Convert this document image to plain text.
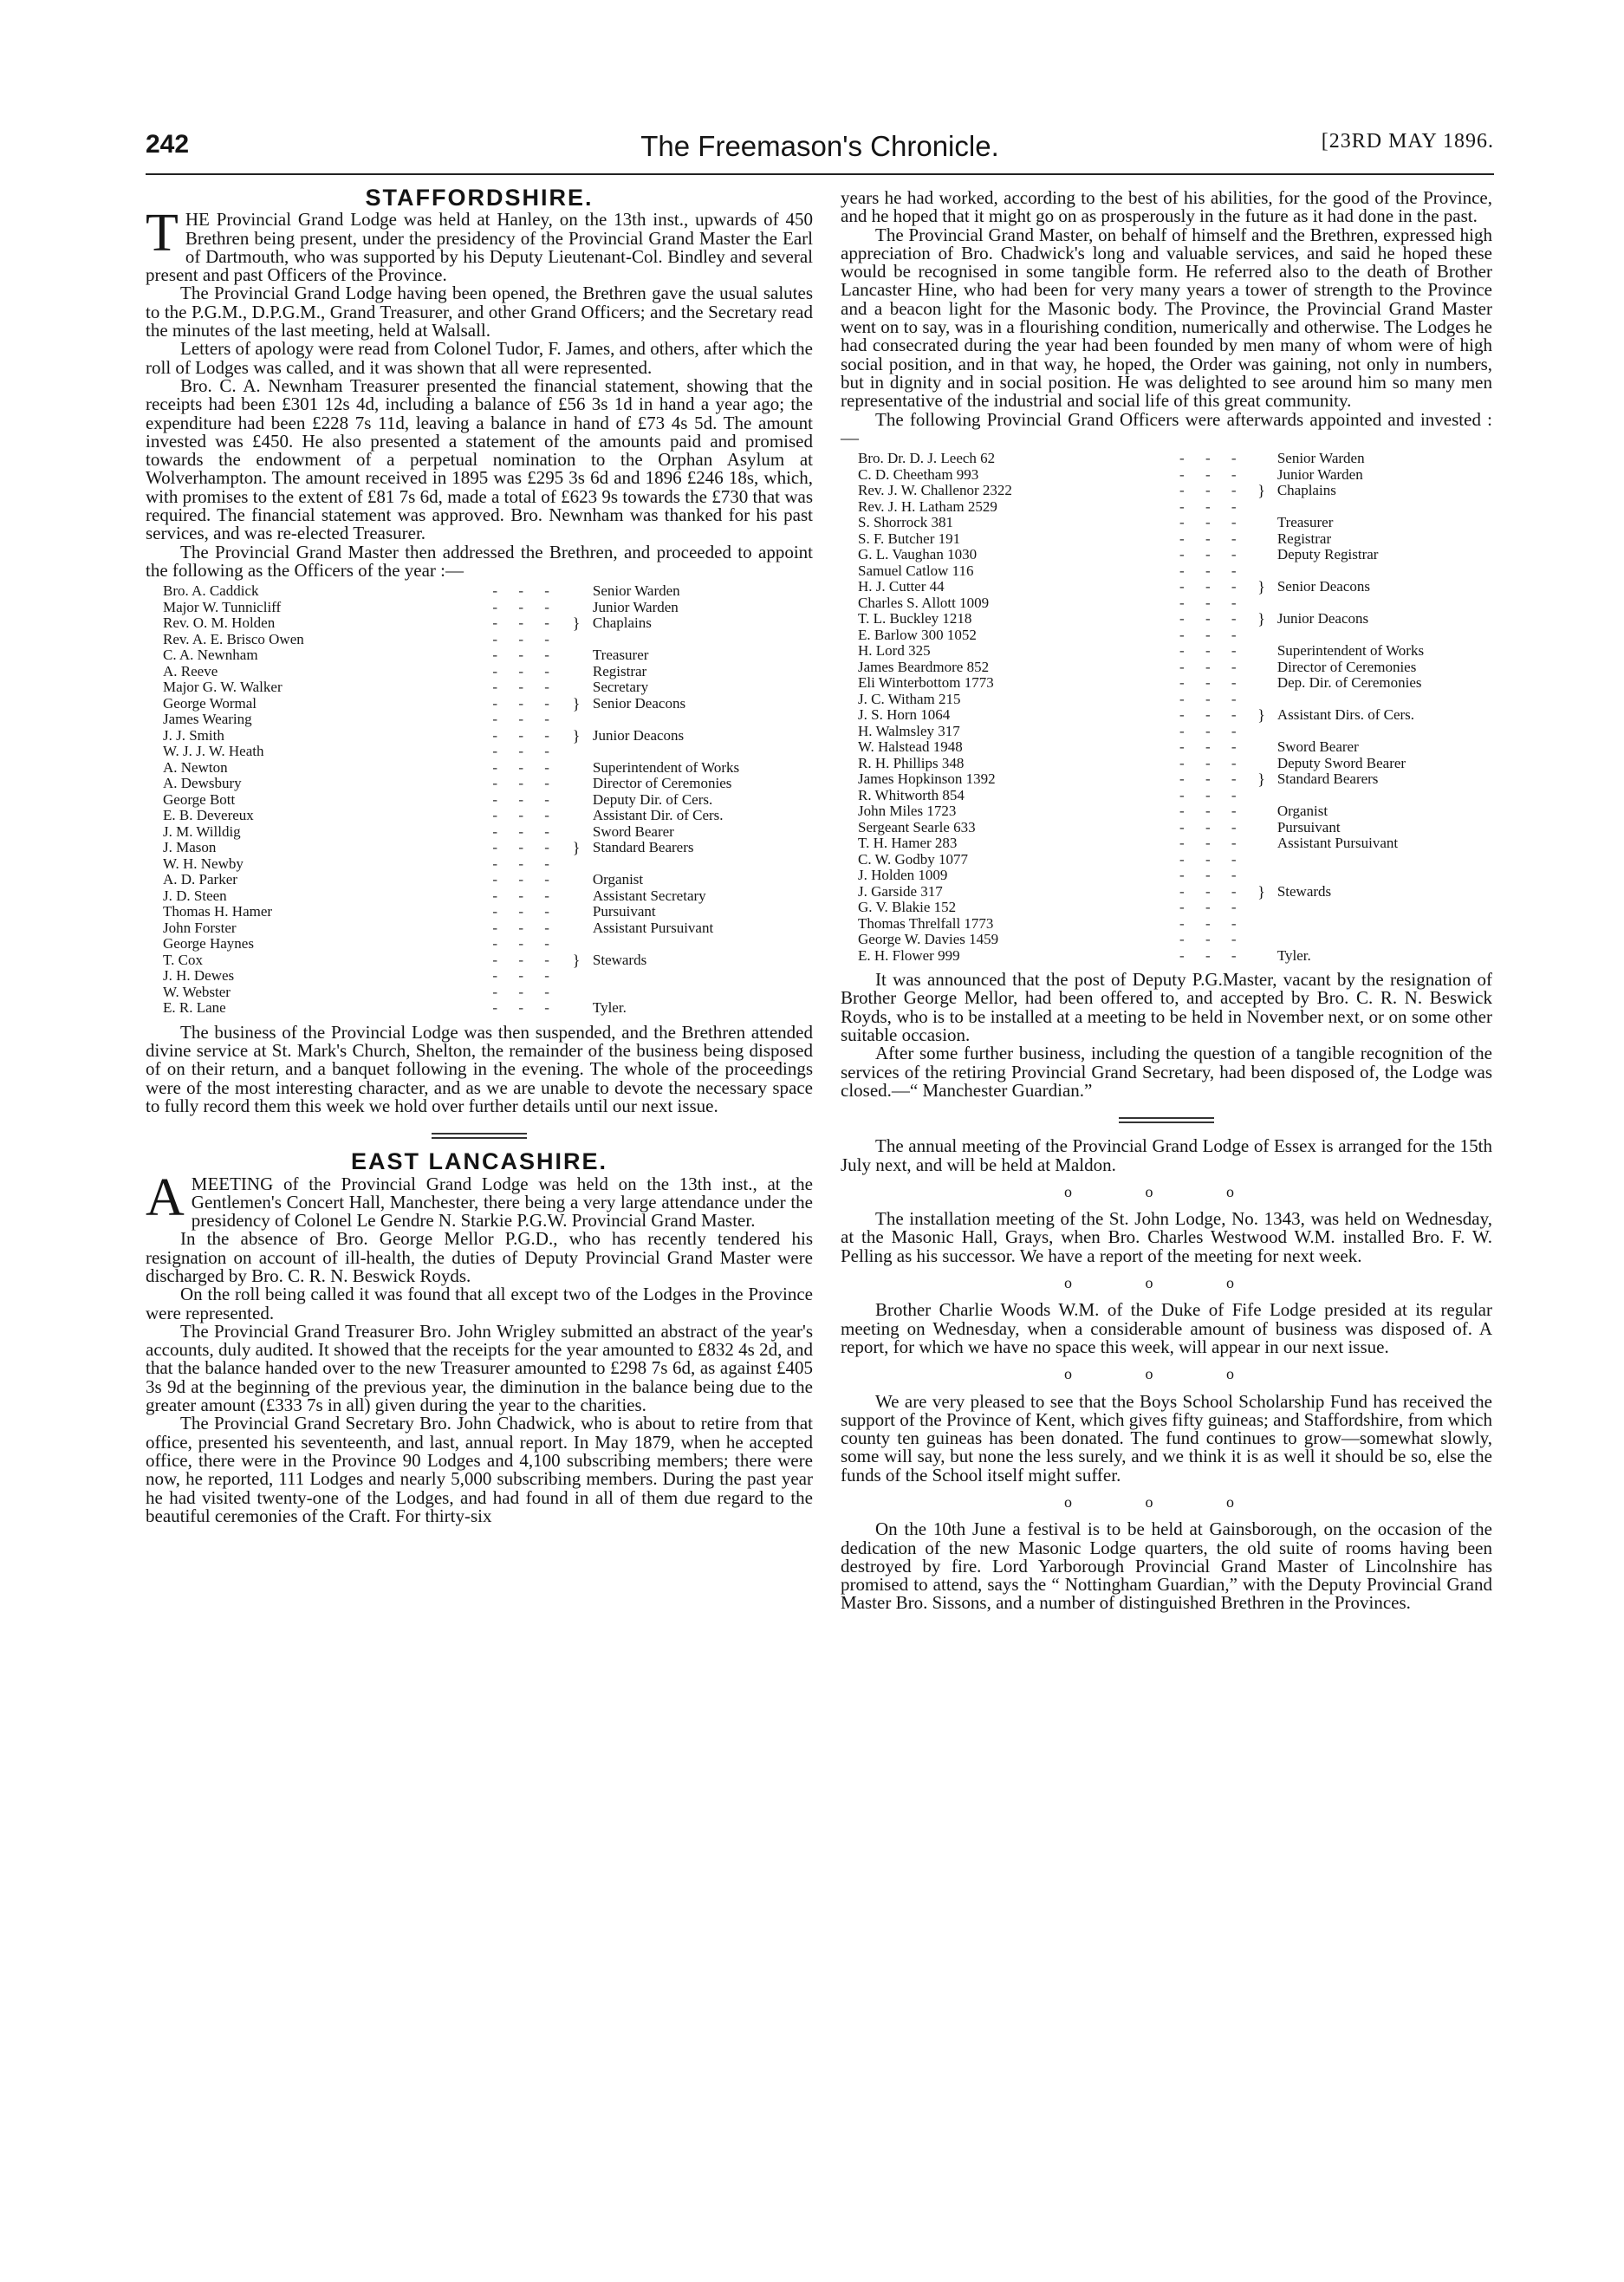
242	The Freemason's Chronicle.	[23RD MAY 1896.
STAFFORDSHIRE.

THE Provincial Grand Lodge was held at Hanley, on the 13th inst., upwards of 450 Brethren being present, under the presidency of the Provincial Grand Master the Earl of Dartmouth, who was supported by his Deputy Lieutenant-Col. Bindley and several present and past Officers of the Province.

The Provincial Grand Lodge having been opened, the Brethren gave the usual salutes to the P.G.M., D.P.G.M., Grand Treasurer, and other Grand Officers; and the Secretary read the minutes of the last meeting, held at Walsall.

Letters of apology were read from Colonel Tudor, F. James, and others, after which the roll of Lodges was called, and it was shown that all were represented.

Bro. C. A. Newnham Treasurer presented the financial statement, showing that the receipts had been £301 12s 4d, including a balance of £56 3s 1d in hand a year ago; the expenditure had been £228 7s 11d, leaving a balance in hand of £73 4s 5d. The amount invested was £450. He also presented a statement of the amounts paid and promised towards the endowment of a perpetual nomination to the Orphan Asylum at Wolverhampton. The amount received in 1895 was £295 3s 6d and 1896 £246 18s, which, with promises to the extent of £81 7s 6d, made a total of £623 9s towards the £730 that was required. The financial statement was approved. Bro. Newnham was thanked for his past services, and was re-elected Treasurer.

The Provincial Grand Master then addressed the Brethren, and proceeded to appoint the following as the Officers of the year :—

Bro. A. Caddick	- - -		Senior Warden
Major W. Tunnicliff	- - -		Junior Warden
Rev. O. M. Holden	- - -	}	Chaplains
Rev. A. E. Brisco Owen	- - -		
C. A. Newnham	- - -		Treasurer
A. Reeve	- - -		Registrar
Major G. W. Walker	- - -		Secretary
George Wormal	- - -	}	Senior Deacons
James Wearing	- - -		
J. J. Smith	- - -	}	Junior Deacons
W. J. J. W. Heath	- - -		
A. Newton	- - -		Superintendent of Works
A. Dewsbury	- - -		Director of Ceremonies
George Bott	- - -		Deputy Dir. of Cers.
E. B. Devereux	- - -		Assistant Dir. of Cers.
J. M. Willdig	- - -		Sword Bearer
J. Mason	- - -	}	Standard Bearers
W. H. Newby	- - -		
A. D. Parker	- - -		Organist
J. D. Steen	- - -		Assistant Secretary
Thomas H. Hamer	- - -		Pursuivant
John Forster	- - -		Assistant Pursuivant
George Haynes	- - -		
T. Cox	- - -	}	Stewards
J. H. Dewes	- - -		
W. Webster	- - -		
E. R. Lane	- - -		Tyler.

The business of the Provincial Lodge was then suspended, and the Brethren attended divine service at St. Mark's Church, Shelton, the remainder of the business being disposed of on their return, and a banquet following in the evening. The whole of the proceedings were of the most interesting character, and as we are unable to devote the necessary space to fully record them this week we hold over further details until our next issue.

EAST LANCASHIRE.

AMEETING of the Provincial Grand Lodge was held on the 13th inst., at the Gentlemen's Concert Hall, Manchester, there being a very large attendance under the presidency of Colonel Le Gendre N. Starkie P.G.W. Provincial Grand Master.

In the absence of Bro. George Mellor P.G.D., who has recently tendered his resignation on account of ill-health, the duties of Deputy Provincial Grand Master were discharged by Bro. C. R. N. Beswick Royds.

On the roll being called it was found that all except two of the Lodges in the Province were represented.

The Provincial Grand Treasurer Bro. John Wrigley submitted an abstract of the year's accounts, duly audited. It showed that the receipts for the year amounted to £832 4s 2d, and that the balance handed over to the new Treasurer amounted to £298 7s 6d, as against £405 3s 9d at the beginning of the previous year, the diminution in the balance being due to the greater amount (£333 7s in all) given during the year to the charities.

The Provincial Grand Secretary Bro. John Chadwick, who is about to retire from that office, presented his seventeenth, and last, annual report. In May 1879, when he accepted office, there were in the Province 90 Lodges and 4,100 subscribing members; there were now, he reported, 111 Lodges and nearly 5,000 subscribing members. During the past year he had visited twenty-one of the Lodges, and had found in all of them due regard to the beautiful ceremonies of the Craft. For thirty-six

years he had worked, according to the best of his abilities, for the good of the Province, and he hoped that it might go on as prosperously in the future as it had done in the past.

The Provincial Grand Master, on behalf of himself and the Brethren, expressed high appreciation of Bro. Chadwick's long and valuable services, and said he hoped these would be recognised in some tangible form. He referred also to the death of Brother Lancaster Hine, who had been for very many years a tower of strength to the Province and a beacon light for the Masonic body. The Province, the Provincial Grand Master went on to say, was in a flourishing condition, numerically and otherwise. The Lodges he had consecrated during the year had been founded by men many of whom were of high social position, and in that way, he hoped, the Order was gaining, not only in numbers, but in dignity and in social position. He was delighted to see around him so many men representative of the industrial and social life of this great community.

The following Provincial Grand Officers were afterwards appointed and invested :—

Bro. Dr. D. J. Leech 62	- - -		Senior Warden
C. D. Cheetham 993	- - -		Junior Warden
Rev. J. W. Challenor 2322	- - -	}	Chaplains
Rev. J. H. Latham 2529	- - -		
S. Shorrock 381	- - -		Treasurer
S. F. Butcher 191	- - -		Registrar
G. L. Vaughan 1030	- - -		Deputy Registrar
Samuel Catlow 116	- - -		
H. J. Cutter 44	- - -	}	Senior Deacons
Charles S. Allott 1009	- - -		
T. L. Buckley 1218	- - -	}	Junior Deacons
E. Barlow 300 1052	- - -		
H. Lord 325	- - -		Superintendent of Works
James Beardmore 852	- - -		Director of Ceremonies
Eli Winterbottom 1773	- - -		Dep. Dir. of Ceremonies
J. C. Witham 215	- - -		
J. S. Horn 1064	- - -	}	Assistant Dirs. of Cers.
H. Walmsley 317	- - -		
W. Halstead 1948	- - -		Sword Bearer
R. H. Phillips 348	- - -		Deputy Sword Bearer
James Hopkinson 1392	- - -	}	Standard Bearers
R. Whitworth 854	- - -		
John Miles 1723	- - -		Organist
Sergeant Searle 633	- - -		Pursuivant
T. H. Hamer 283	- - -		Assistant Pursuivant
C. W. Godby 1077	- - -		
J. Holden 1009	- - -		
J. Garside 317	- - -	}	Stewards
G. V. Blakie 152	- - -		
Thomas Threlfall 1773	- - -		
George W. Davies 1459	- - -		
E. H. Flower 999	- - -		Tyler.

It was announced that the post of Deputy P.G.Master, vacant by the resignation of Brother George Mellor, had been offered to, and accepted by Bro. C. R. N. Beswick Royds, who is to be installed at a meeting to be held in November next, or on some other suitable occasion.

After some further business, including the question of a tangible recognition of the services of the retiring Provincial Grand Secretary, had been disposed of, the Lodge was closed.—“ Manchester Guardian.”

The annual meeting of the Provincial Grand Lodge of Essex is arranged for the 15th July next, and will be held at Maldon.

o o o

The installation meeting of the St. John Lodge, No. 1343, was held on Wednesday, at the Masonic Hall, Grays, when Bro. Charles Westwood W.M. installed Bro. F. W. Pelling as his successor. We have a report of the meeting for next week.

o o o

Brother Charlie Woods W.M. of the Duke of Fife Lodge presided at its regular meeting on Wednesday, when a considerable amount of business was disposed of. A report, for which we have no space this week, will appear in our next issue.

o o o

We are very pleased to see that the Boys School Scholarship Fund has received the support of the Province of Kent, which gives fifty guineas; and Staffordshire, from which county ten guineas has been donated. The fund continues to grow—somewhat slowly, some will say, but none the less surely, and we think it is as well it should be so, else the funds of the School itself might suffer.

o o o

On the 10th June a festival is to be held at Gainsborough, on the occasion of the dedication of the new Masonic Lodge quarters, the old suite of rooms having been destroyed by fire. Lord Yarborough Provincial Grand Master of Lincolnshire has promised to attend, says the “ Nottingham Guardian,” with the Deputy Provincial Grand Master Bro. Sissons, and a number of distinguished Brethren in the Provinces.
